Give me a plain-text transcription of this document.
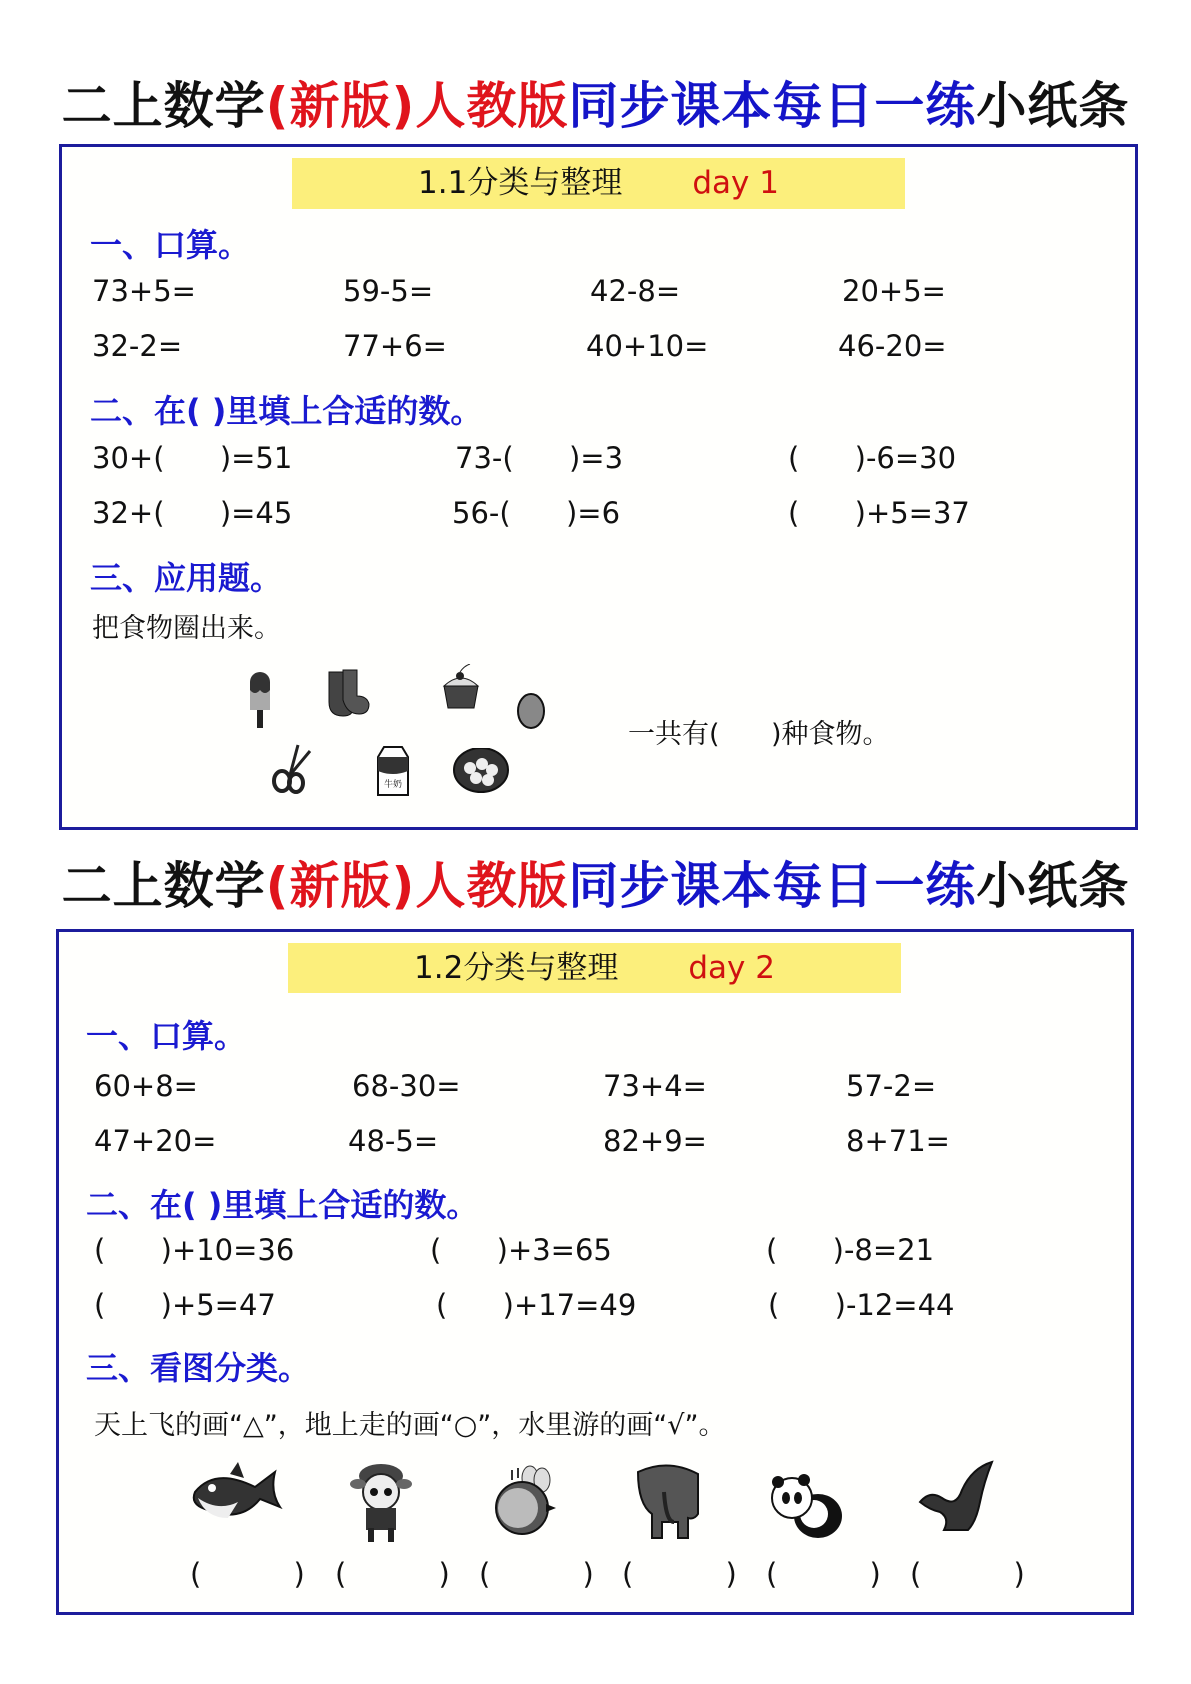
二上数学(新版)人教版同步课本每日一练小纸条
1.1分类与整理 day 1
一、口算。
73+5=	59-5=	42-8=	20+5=
32-2=	77+6=	40+10=	46-20=
二、在( )里填上合适的数。
30+(      )=51	73-(      )=3	(      )-6=30
32+(      )=45	56-(      )=6	(      )+5=37
三、应用题。
把食物圈出来。
牛奶
一共有(      )种食物。
二上数学(新版)人教版同步课本每日一练小纸条
1.2分类与整理 day 2
一、口算。
60+8=	68-30=	73+4=	57-2=
47+20=	48-5=	82+9=	8+71=
二、在( )里填上合适的数。
(      )+10=36	(      )+3=65	(      )-8=21
(      )+5=47	(      )+17=49	(      )-12=44
三、看图分类。
天上飞的画“△”，地上走的画“○”，水里游的画“√”。
(          ) (          ) (          ) (          ) (          ) (          )
